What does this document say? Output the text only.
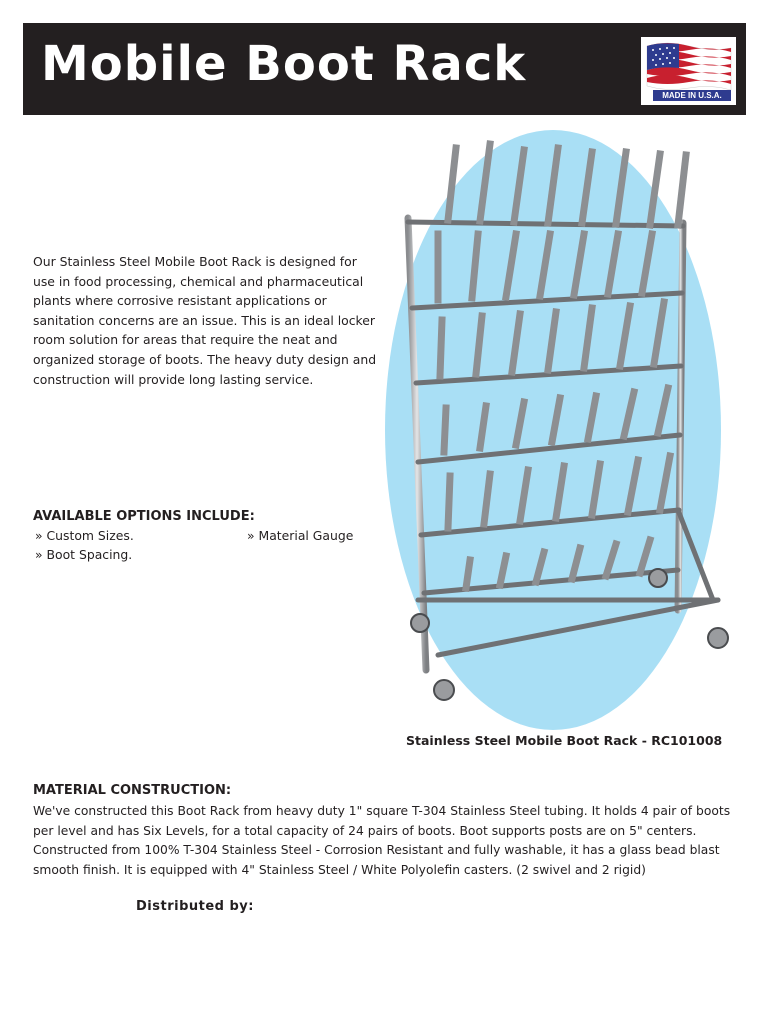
Mobile Boot Rack
MADE IN U.S.A.

Our Stainless Steel Mobile Boot Rack is designed for use in food processing, chemical and pharmaceutical plants where corrosive resistant applications or sanitation concerns are an issue. This is an ideal locker room solution for areas that require the neat and organized storage of boots. The heavy duty design and construction will provide long lasting service.

AVAILABLE OPTIONS INCLUDE:

» Custom Sizes.
» Boot Spacing.
» Material Gauge
Stainless Steel Mobile Boot Rack - RC101008

MATERIAL CONSTRUCTION:

We've constructed this Boot Rack from heavy duty 1" square T-304 Stainless Steel tubing. It holds 4 pair of boots per level and has Six Levels, for a total capacity of 24 pairs of boots. Boot supports posts are on 5" centers. Constructed from 100% T-304 Stainless Steel - Corrosion Resistant and fully washable, it has a glass bead blast smooth finish. It is equipped with 4" Stainless Steel / White Polyolefin casters. (2 swivel and 2 rigid)

Distributed by:
